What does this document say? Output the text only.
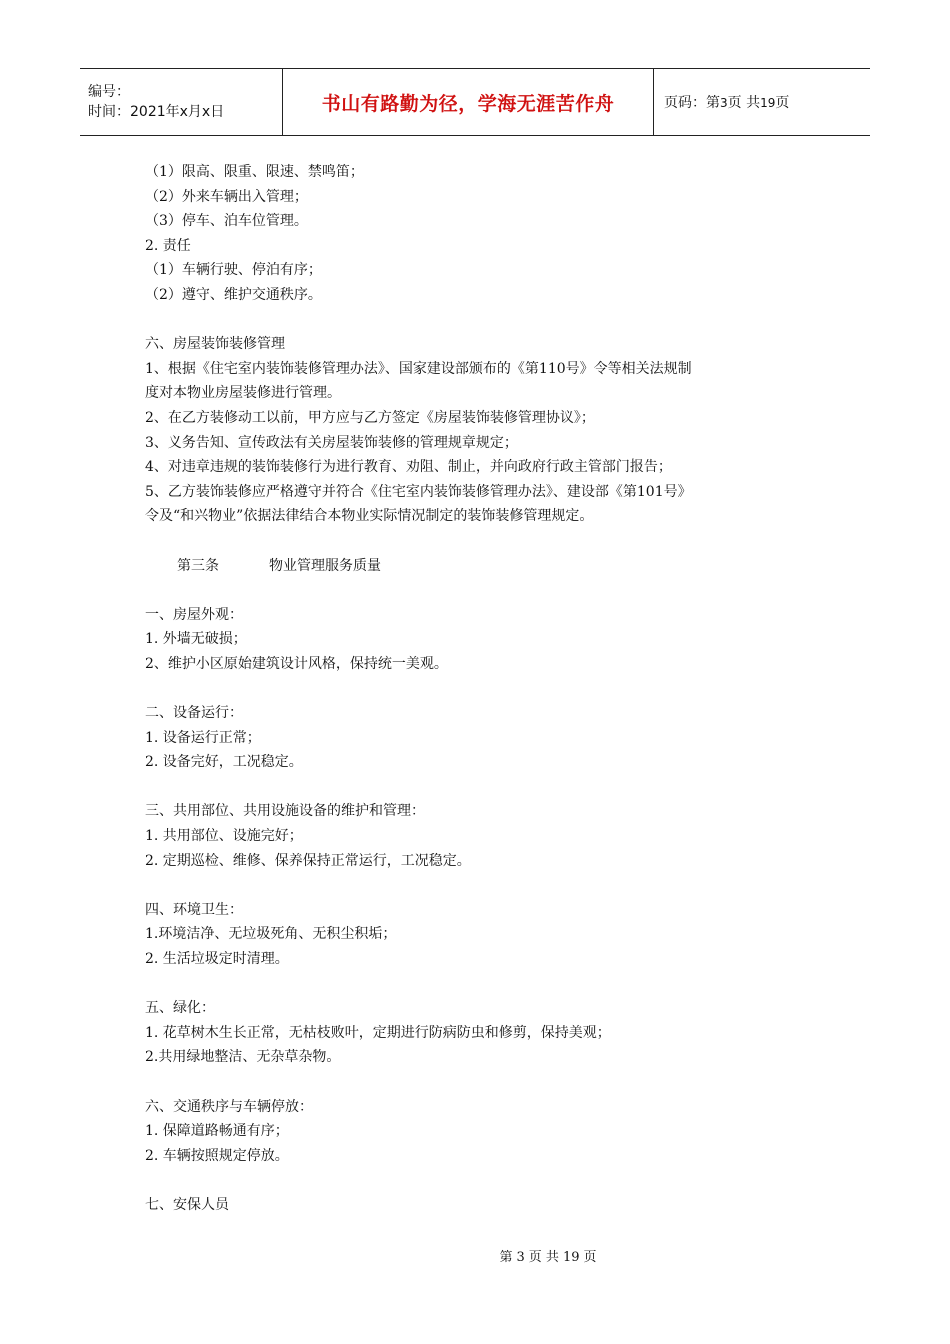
编号：
时间：2021年x月x日	书山有路勤为径，学海无涯苦作舟	页码：第3页 共19页
（1）限高、限重、限速、禁鸣笛；
（2）外来车辆出入管理；
（3）停车、泊车位管理。
2. 责任
（1）车辆行驶、停泊有序；
（2）遵守、维护交通秩序。
六、房屋装饰装修管理
1、根据《住宅室内装饰装修管理办法》、国家建设部颁布的《第110号》令等相关法规制
度对本物业房屋装修进行管理。
2、在乙方装修动工以前，甲方应与乙方签定《房屋装饰装修管理协议》；
3、义务告知、宣传政法有关房屋装饰装修的管理规章规定；
4、对违章违规的装饰装修行为进行教育、劝阻、制止，并向政府行政主管部门报告；
5、乙方装饰装修应严格遵守并符合《住宅室内装饰装修管理办法》、建设部《第101号》
令及“和兴物业”依据法律结合本物业实际情况制定的装饰装修管理规定。
第三条	物业管理服务质量
一、房屋外观：
1. 外墙无破损；
2、维护小区原始建筑设计风格，保持统一美观。
二、设备运行：
1. 设备运行正常；
2. 设备完好，工况稳定。
三、共用部位、共用设施设备的维护和管理：
1. 共用部位、设施完好；
2. 定期巡检、维修、保养保持正常运行，工况稳定。
四、环境卫生：
1.环境洁净、无垃圾死角、无积尘积垢；
2. 生活垃圾定时清理。
五、绿化：
1. 花草树木生长正常，无枯枝败叶，定期进行防病防虫和修剪，保持美观；
2.共用绿地整洁、无杂草杂物。
六、交通秩序与车辆停放：
1. 保障道路畅通有序；
2. 车辆按照规定停放。
七、安保人员
第 3 页 共 19 页
